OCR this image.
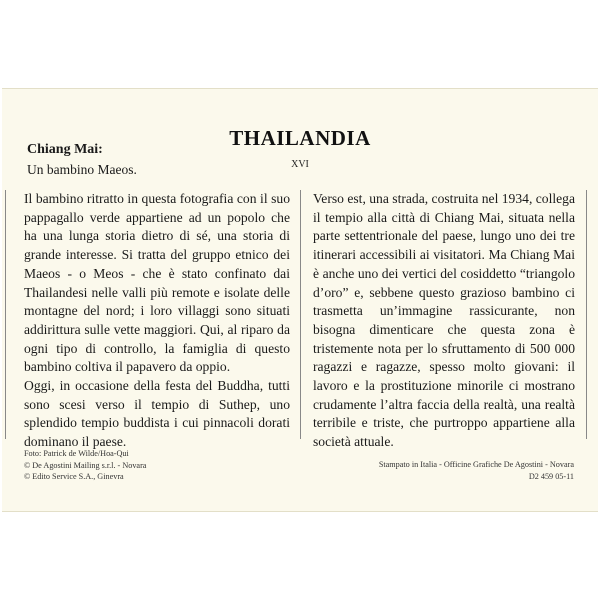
THAILANDIA
XVI
Chiang Mai:
Un bambino Maeos.

Il bambino ritratto in questa fotografia con il suo pappagallo verde appartiene ad un popolo che ha una lunga storia dietro di sé, una storia di grande interesse. Si tratta del gruppo etnico dei Maeos - o Meos - che è stato confinato dai Thailandesi nelle valli più remote e isolate delle montagne del nord; i loro villaggi sono situati addirittura sulle vette maggiori. Qui, al riparo da ogni tipo di controllo, la famiglia di questo bambino coltiva il papavero da oppio.

Oggi, in occasione della festa del Buddha, tutti sono scesi verso il tempio di Suthep, uno splendido tempio buddista i cui pinnacoli dorati dominano il paese.

Verso est, una strada, costruita nel 1934, collega il tempio alla città di Chiang Mai, situata nella parte settentrionale del paese, lungo uno dei tre itinerari accessibili ai visitatori. Ma Chiang Mai è anche uno dei vertici del cosiddetto “triangolo d’oro” e, sebbene questo grazioso bambino ci trasmetta un’immagine rassicurante, non bisogna dimenticare che questa zona è tristemente nota per lo sfruttamento di 500 000 ragazzi e ragazze, spesso molto giovani: il lavoro e la prostituzione minorile ci mostrano crudamente l’altra faccia della realtà, una realtà terribile e triste, che purtroppo appartiene alla società attuale.

Foto: Patrick de Wilde/Hoa-Qui
© De Agostini Mailing s.r.l. - Novara
© Edito Service S.A., Ginevra
Stampato in Italia - Officine Grafiche De Agostini - Novara
D2 459 05-11
